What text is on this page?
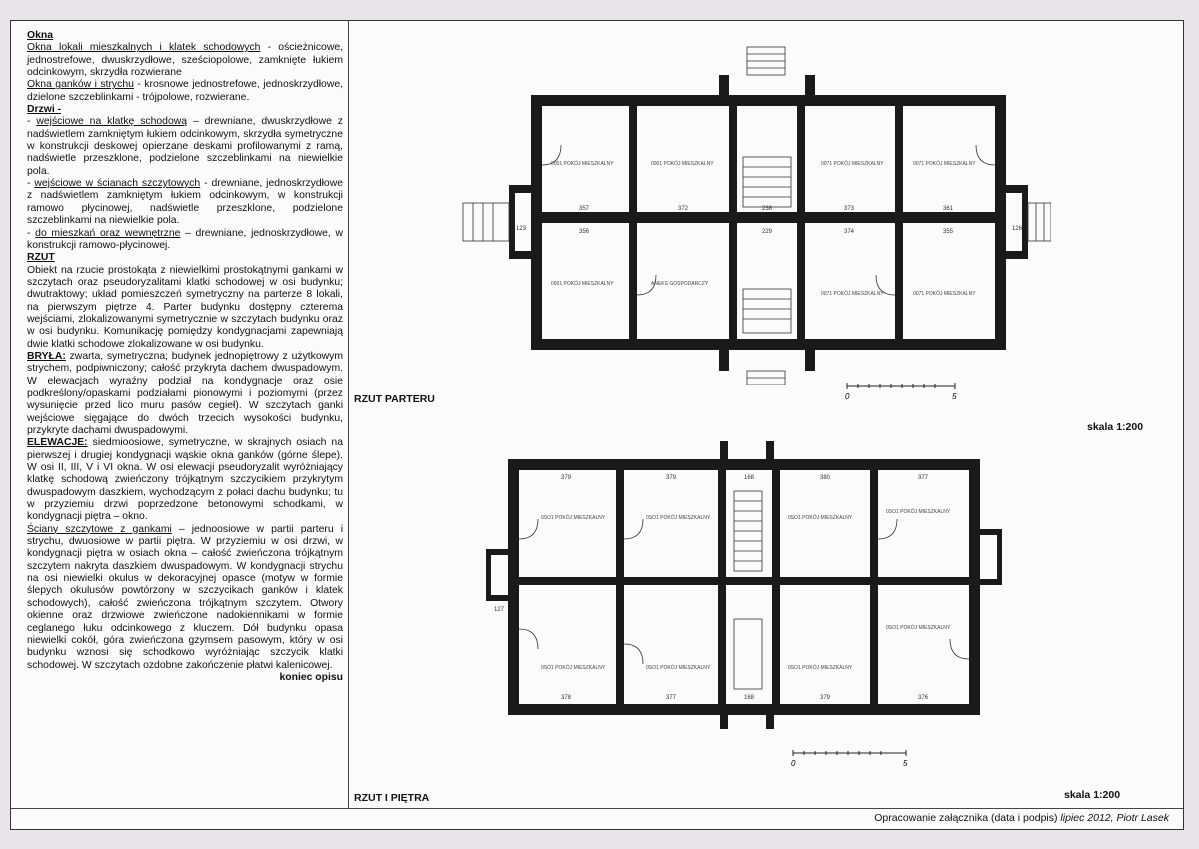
Okna

Okna lokali mieszkalnych i klatek schodowych - ościeżnicowe, jednostrefowe, dwuskrzydłowe, sześciopolowe, zamknięte łukiem odcinkowym, skrzydła rozwierane

Okna ganków i strychu - krosnowe jednostrefowe, jednoskrzydłowe, dzielone szczeblinkami - trójpolowe, rozwierane.

Drzwi -

- wejściowe na klatkę schodową – drewniane, dwuskrzydłowe z nadświetlem zamkniętym łukiem odcinkowym, skrzydła symetryczne w konstrukcji deskowej opierzane deskami profilowanymi z ramą, nadświetle przeszklone, podzielone szczeblinkami na niewielkie pola.

- wejściowe w ścianach szczytowych - drewniane, jednoskrzydłowe z nadświetlem zamkniętym łukiem odcinkowym, w konstrukcji ramowo płycinowej, nadświetle przeszklone, podzielone szczeblinkami na niewielkie pola.

- do mieszkań oraz wewnętrzne – drewniane, jednoskrzydłowe, w konstrukcji ramowo-płycinowej.

RZUT

Obiekt na rzucie prostokąta z niewielkimi prostokątnymi gankami w szczytach oraz pseudoryzalitami klatki schodowej w osi budynku; dwutraktowy; układ pomieszczeń symetryczny na parterze 8 lokali, na pierwszym piętrze 4. Parter budynku dostępny czterema wejściami, zlokalizowanymi symetrycznie w szczytach budynku oraz w osi budynku. Komunikację pomiędzy kondygnacjami zapewniają dwie klatki schodowe zlokalizowane w osi budynku.

BRYŁA: zwarta, symetryczna; budynek jednopiętrowy z użytkowym strychem, podpiwniczony; całość przykryta dachem dwuspadowym. W elewacjach wyraźny podział na kondygnacje oraz osie podkreślony/opaskami podziałami pionowymi i poziomymi (przez wysunięcie przed lico muru pasów cegieł). W szczytach ganki wejściowe sięgające do dwóch trzecich wysokości budynku, przykryte dachami dwuspadowymi.

ELEWACJE: siedmioosiowe, symetryczne, w skrajnych osiach na pierwszej i drugiej kondygnacji wąskie okna ganków (górne ślepe). W osi II, III, V i VI okna. W osi elewacji pseudoryzalit wyróżniający klatkę schodową zwieńczony trójkątnym szczycikiem przykrytym dwuspadowym daszkiem, wychodzącym z połaci dachu budynku; tu w przyziemiu drzwi poprzedzone betonowymi schodkami, w kondygnacji piętra – okno.

Ściany szczytowe z gankami – jednoosiowe w partii parteru i strychu, dwuosiowe w partii piętra. W przyziemiu w osi drzwi, w kondygnacji piętra w osiach okna – całość zwieńczona trójkątnym szczytem nakryta daszkiem dwuspadowym. W kondygnacji strychu na osi niewielki okulus w dekoracyjnej opasce (motyw w formie ślepych okulusów powtórzony w szczycikach ganków i klatek schodowych), całość zwieńczona trójkątnym szczytem. Otwory okienne oraz drzwiowe zwieńczone nadokiennikami w formie ceglanego łuku odcinkowego z kluczem. Dół budynku opasa niewielki cokół, góra zwieńczona gzymsem pasowym, który w osi budynku wznosi się schodkowo wyróżniając szczycik klatki schodowej. W szczytach ozdobne zakończenie płatwi kalenicowej.

koniec opisu

0001 POKÓJ MIESZKALNY	0001 POKÓJ MIESZKALNY	0071 POKÓJ MIESZKALNY	0071 POKÓJ MIESZKALNY
0001 POKÓJ MIESZKALNY	ANEKS GOSPODARCZY
0071 POKÓJ MIESZKALNY	0071 POKÓJ MIESZKALNY
357	372	238	373	361
356	229	374	355
123	126
RZUT PARTERU
skala 1:200
0	5
0SO1 POKÓJ MIESZKALNY	0SO1 POKÓJ MIESZKALNY	0SO1 POKÓJ MIESZKALNY
0SO1 POKÓJ MIESZKALNY
0SO1 POKÓJ MIESZKALNY	0SO1 POKÓJ MIESZKALNY	0SO1 POKÓJ MIESZKALNY
0SO1 POKÓJ MIESZKALNY
379	379	168	380	377
378	377	168	379	376
127
RZUT I PIĘTRA	skala 1:200
0	5
Opracowanie załącznika (data i podpis) lipiec 2012, Piotr Lasek
